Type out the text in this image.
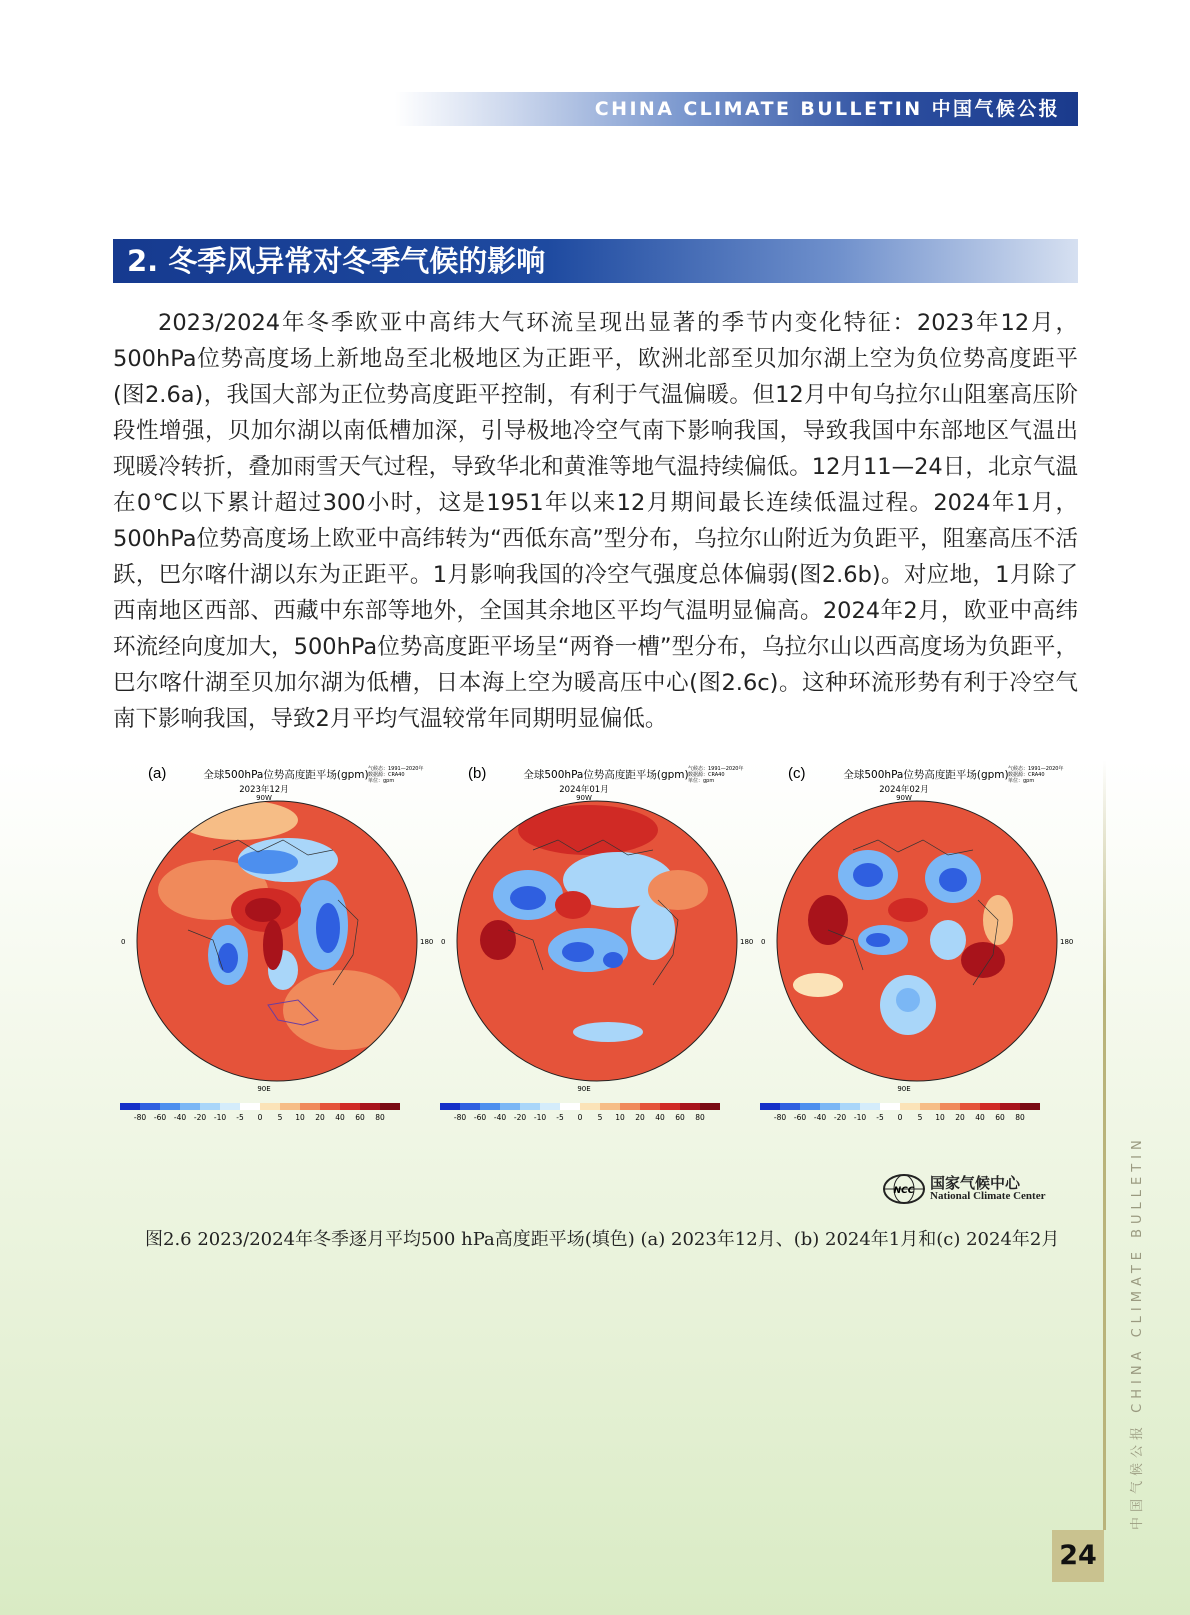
CHINA CLIMATE BULLETIN 中国气候公报
2. 冬季风异常对冬季气候的影响

2023/2024年冬季欧亚中高纬大气环流呈现出显著的季节内变化特征：2023年12月，500hPa位势高度场上新地岛至北极地区为正距平，欧洲北部至贝加尔湖上空为负位势高度距平(图2.6a)，我国大部为正位势高度距平控制，有利于气温偏暖。但12月中旬乌拉尔山阻塞高压阶段性增强，贝加尔湖以南低槽加深，引导极地冷空气南下影响我国，导致我国中东部地区气温出现暖冷转折，叠加雨雪天气过程，导致华北和黄淮等地气温持续偏低。12月11—24日，北京气温在0℃以下累计超过300小时，这是1951年以来12月期间最长连续低温过程。2024年1月，500hPa位势高度场上欧亚中高纬转为“西低东高”型分布，乌拉尔山附近为负距平，阻塞高压不活跃，巴尔喀什湖以东为正距平。1月影响我国的冷空气强度总体偏弱(图2.6b)。对应地，1月除了西南地区西部、西藏中东部等地外，全国其余地区平均气温明显偏高。2024年2月，欧亚中高纬环流经向度加大，500hPa位势高度距平场呈“两脊一槽”型分布，乌拉尔山以西高度场为负距平，巴尔喀什湖至贝加尔湖为低槽，日本海上空为暖高压中心(图2.6c)。这种环流形势有利于冷空气南下影响我国，导致2月平均气温较常年同期明显偏低。

(a)	全球500hPa位势高度距平场(gpm)
2023年12月
气候态：1991—2020年
数据源：CRA40
单位：gpm
90W
90E
0	180
-80 -60 -40 -20 -10 -5 0 5 10 20 40 60 80
(b)	全球500hPa位势高度距平场(gpm)
2024年01月
气候态：1991—2020年
数据源：CRA40
单位：gpm
90W
90E
0	180
-80 -60 -40 -20 -10 -5 0 5 10 20 40 60 80
(c)	全球500hPa位势高度距平场(gpm)
2024年02月
气候态：1991—2020年
数据源：CRA40
单位：gpm
90W
90E
0	180
-80 -60 -40 -20 -10 -5 0 5 10 20 40 60 80
NCC 国家气候中心
National Climate Center
图2.6 2023/2024年冬季逐月平均500 hPa高度距平场(填色) (a) 2023年12月、(b) 2024年1月和(c) 2024年2月	中国气候公报 CHINA CLIMATE BULLETIN
24
